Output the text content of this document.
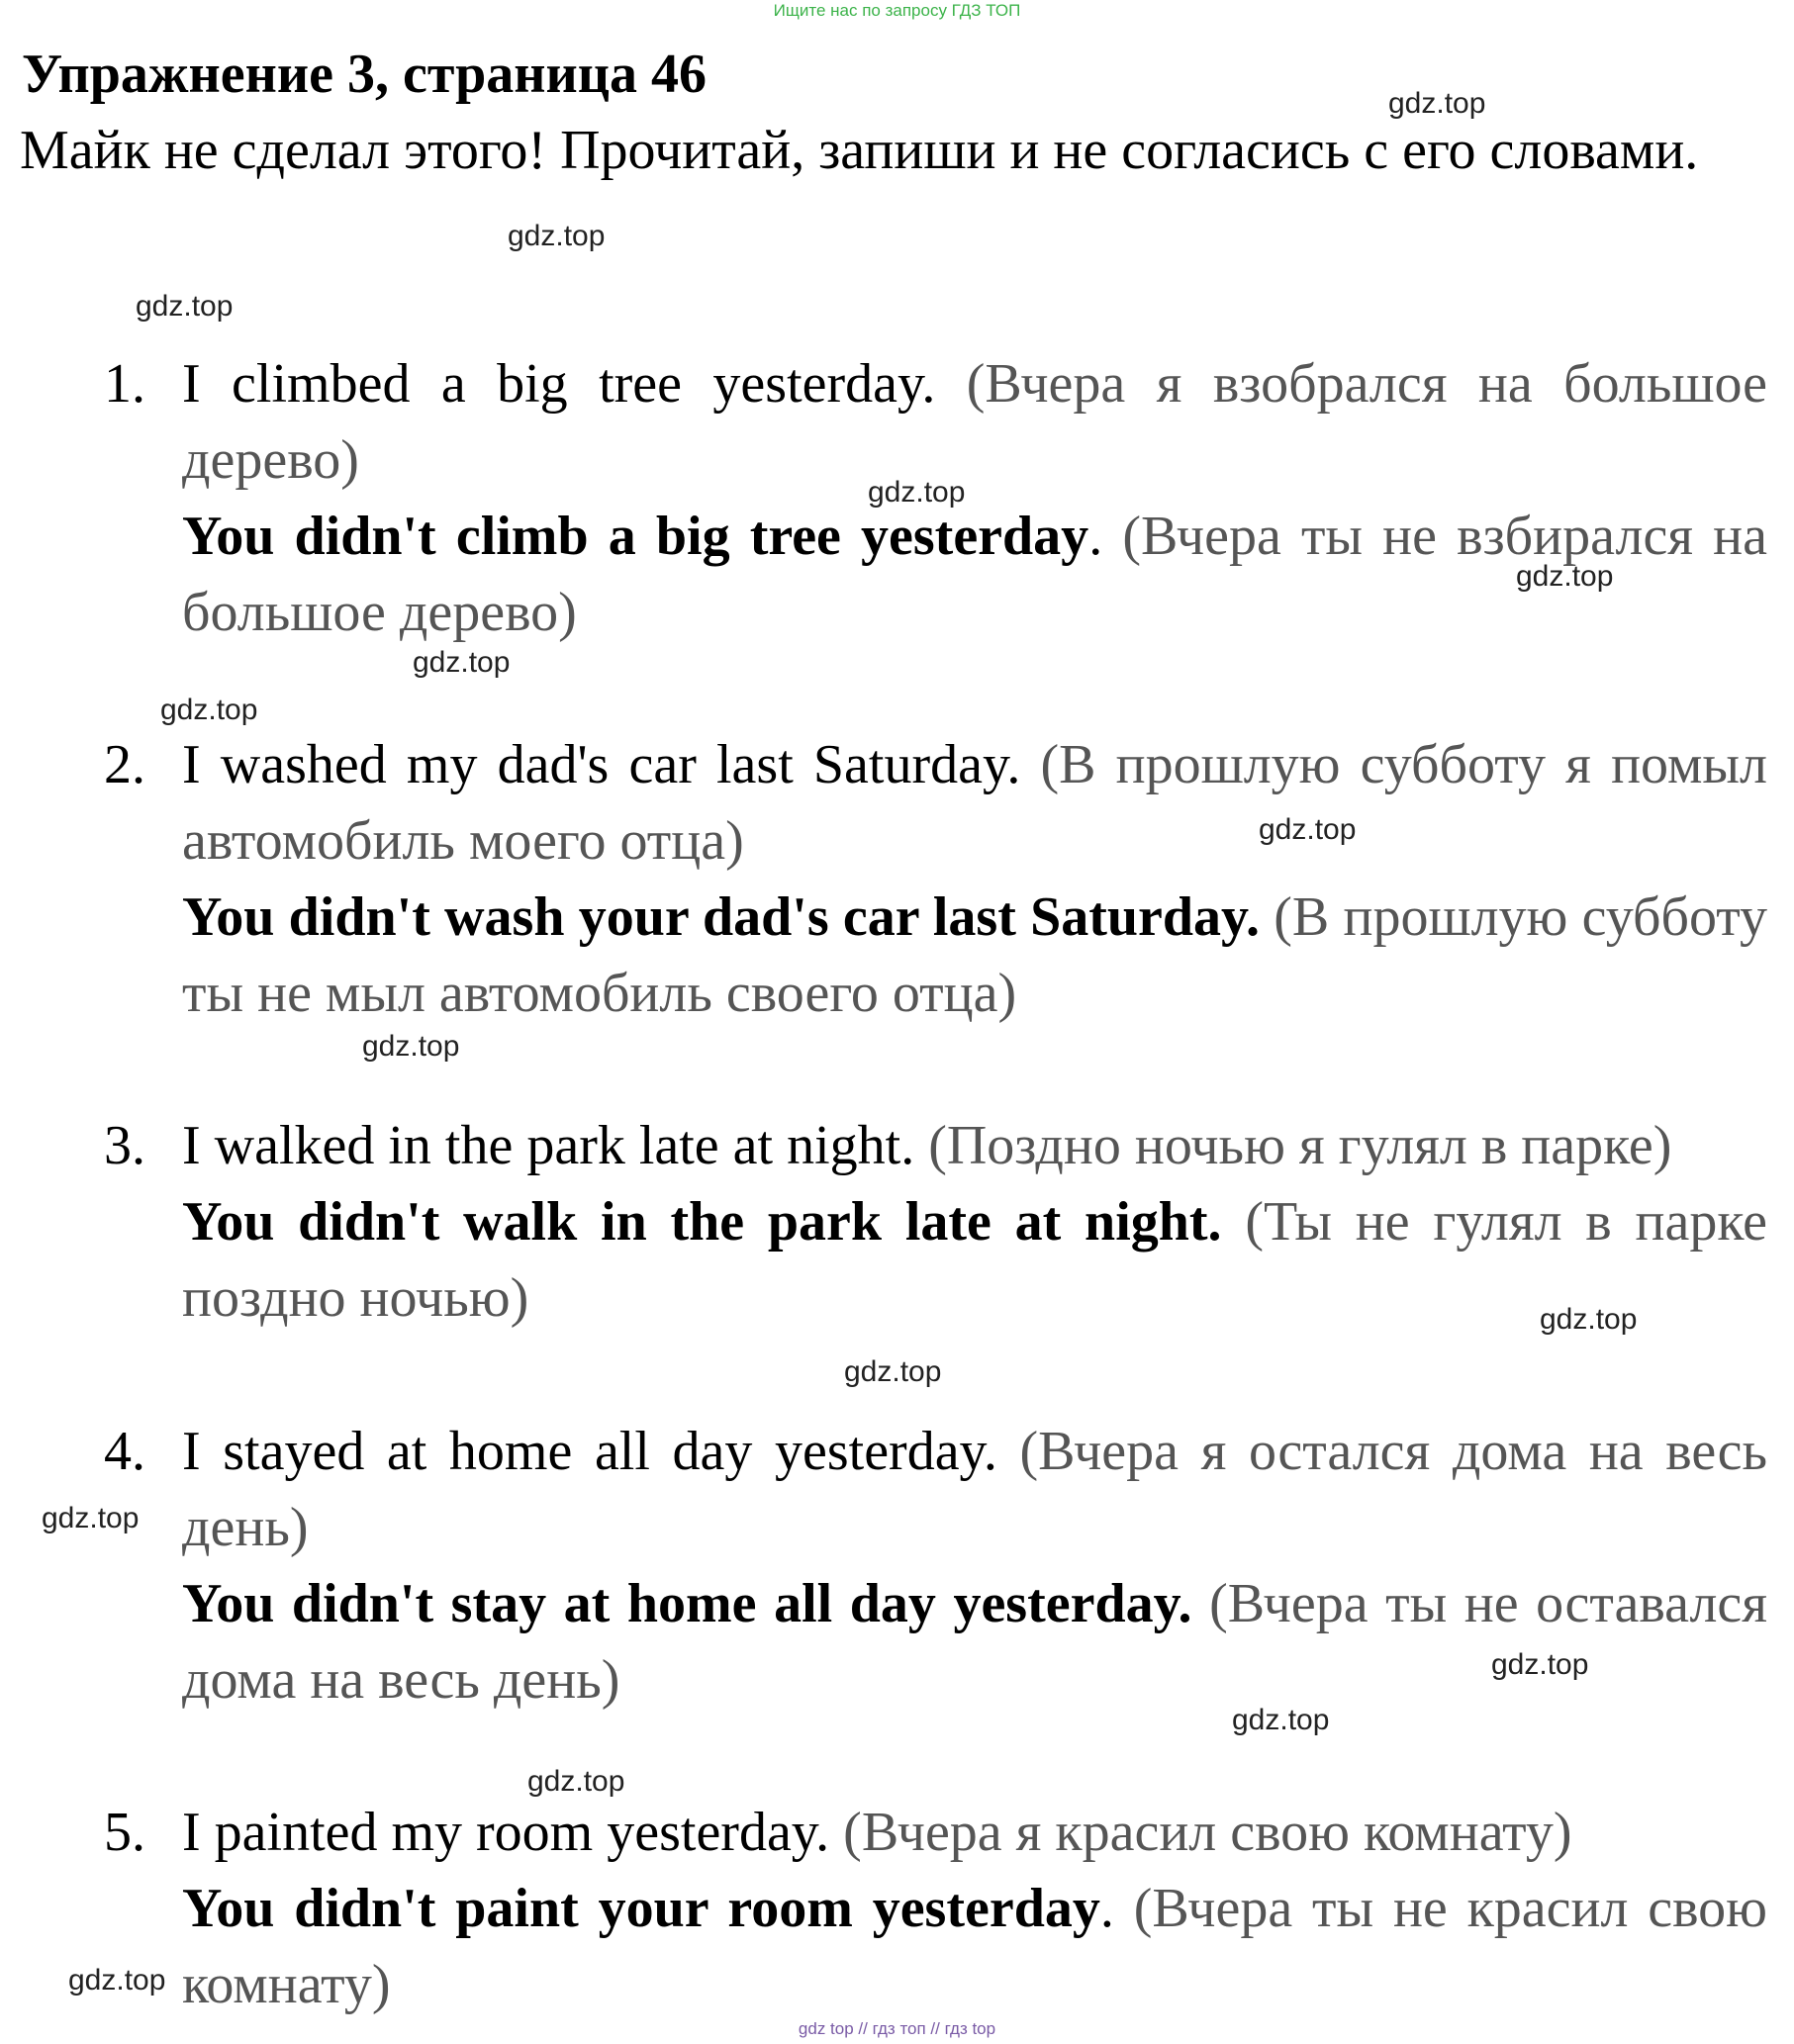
Ищите нас по запросу ГДЗ ТОП
Упражнение 3, страница 46
Майк не сделал этого! Прочитай, запиши и не согласись с его словами.
1. I climbed a big tree yesterday. (Вчера я взобрался на большое дерево)
You didn't climb a big tree yesterday. (Вчера ты не взбирался на большое дерево)
2. I washed my dad's car last Saturday. (В прошлую субботу я помыл автомобиль моего отца)
You didn't wash your dad's car last Saturday. (В прошлую субботу ты не мыл автомобиль своего отца)
3. I walked in the park late at night. (Поздно ночью я гулял в парке)
You didn't walk in the park late at night. (Ты не гулял в парке поздно ночью)
4. I stayed at home all day yesterday. (Вчера я остался дома на весь день)
You didn't stay at home all day yesterday. (Вчера ты не оставался дома на весь день)
5. I painted my room yesterday. (Вчера я красил свою комнату)
You didn't paint your room yesterday. (Вчера ты не красил свою комнату)
gdz.top
gdz.top
gdz.top
gdz.top
gdz.top
gdz.top
gdz.top
gdz.top
gdz.top
gdz.top
gdz.top
gdz.top
gdz.top
gdz.top
gdz.top
gdz.top
gdz top // гдз топ // гдз top
